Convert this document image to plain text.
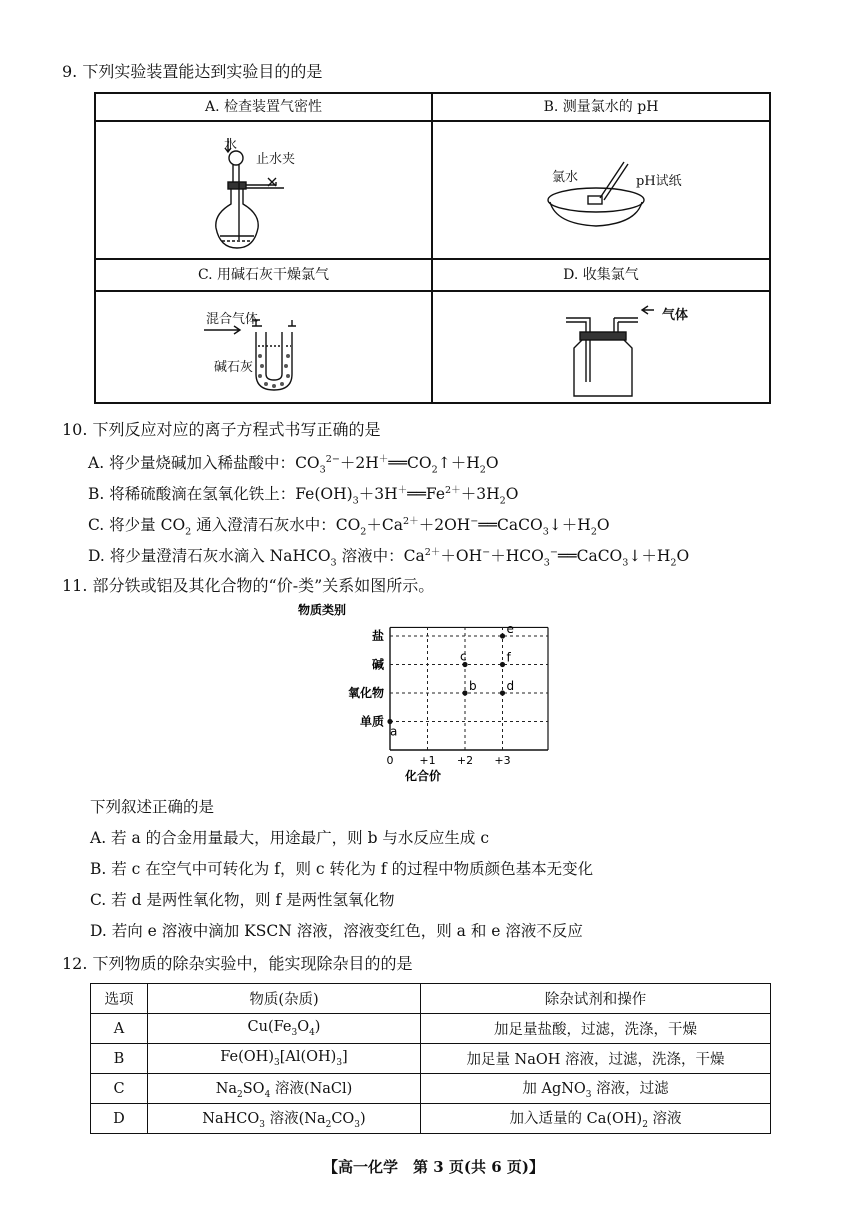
9. 下列实验装置能达到实验目的的是
A. 检查装置气密性	B. 测量氯水的 pH
C. 用碱石灰干燥氯气	D. 收集氯气
水
止水夹
氯水	pH试纸
混合气体
碱石灰
气体
10. 下列反应对应的离子方程式书写正确的是
A. 将少量烧碱加入稀盐酸中：$CO_3^{2-}+2H^+══CO_2↑+H_2O$
B. 将稀硫酸滴在氢氧化铁上：$Fe(OH)_3+3H^+══Fe^{2+}+3H_2O$
C. 将少量 $CO_2$ 通入澄清石灰水中：$CO_2+Ca^{2+}+2OH^-══CaCO_3↓+H_2O$
D. 将少量澄清石灰水滴入 NaHCO$_3$ 溶液中：$Ca^{2+}+OH^-+HCO_3^-══CaCO_3↓+H_2O$
11. 部分铁或铝及其化合物的“价-类”关系如图所示。
物质类别
化合价
0 +1 +2 +3
单质
氧化物
碱
盐
a
b
c
d
f
e
下列叙述正确的是
A. 若 a 的合金用量最大，用途最广，则 b 与水反应生成 c
B. 若 c 在空气中可转化为 f，则 c 转化为 f 的过程中物质颜色基本无变化
C. 若 d 是两性氧化物，则 f 是两性氢氧化物
D. 若向 e 溶液中滴加 KSCN 溶液，溶液变红色，则 a 和 e 溶液不反应
12. 下列物质的除杂实验中，能实现除杂目的的是
选项	物质(杂质)	除杂试剂和操作
A	$Cu(Fe_3O_4)$	加足量盐酸，过滤，洗涤，干燥
B	$Fe(OH)_3[Al(OH)_3]$	加足量 NaOH 溶液，过滤，洗涤，干燥
C	$Na_2SO_4$ 溶液(NaCl)	加 AgNO$_3$ 溶液，过滤
D	NaHCO$_3$ 溶液$(Na_2CO_3)$	加入适量的 $Ca(OH)_2$ 溶液
【高一化学　第 3 页(共 6 页)】
